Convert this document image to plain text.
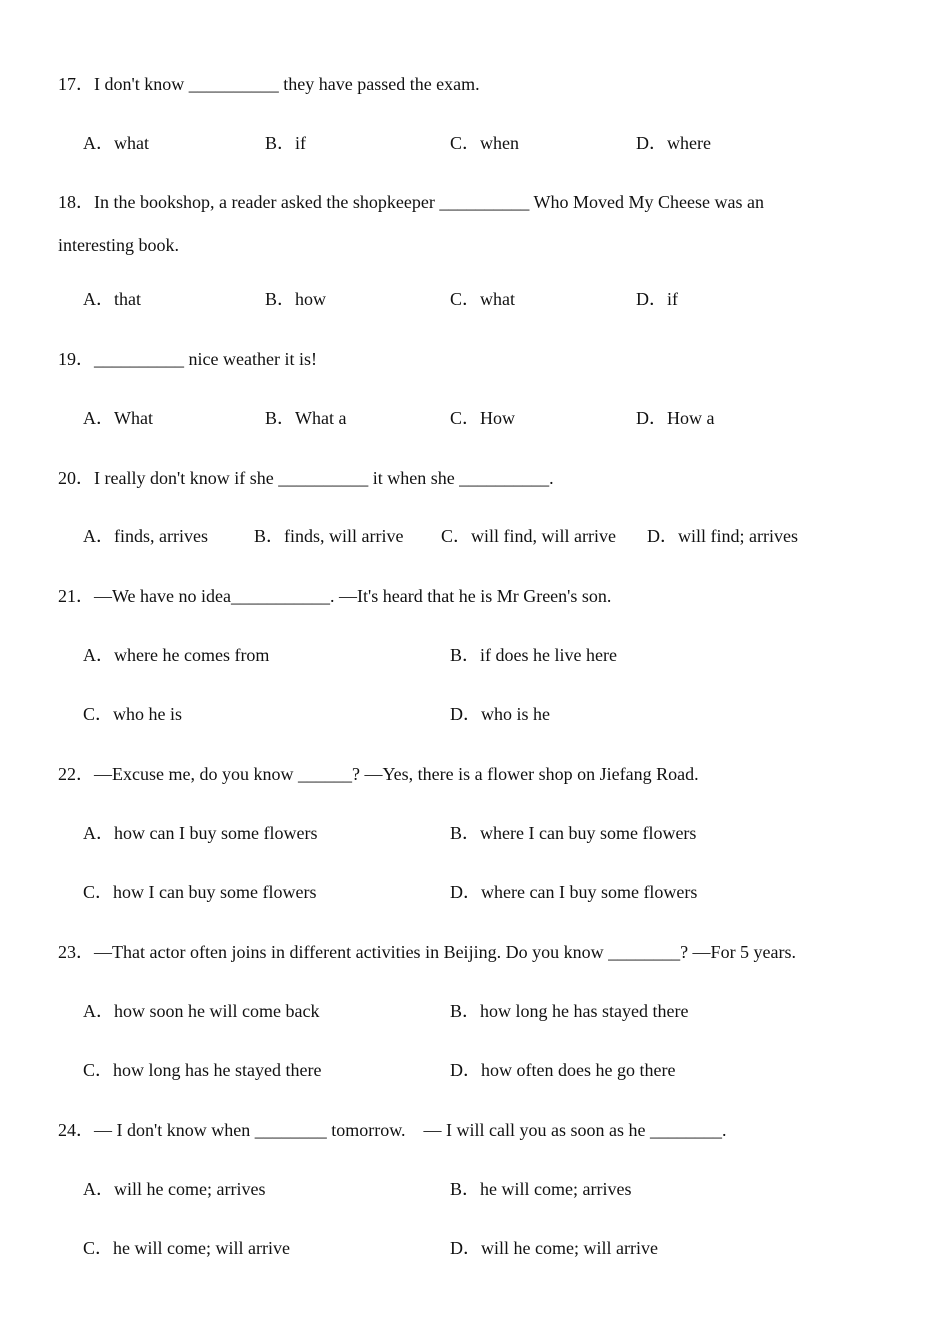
17．I don't know __________ they have passed the exam.
A．what	B．if	C．when	D．where
18．In the bookshop, a reader asked the shopkeeper __________ Who Moved My Cheese was an
interesting book.
A．that	B．how	C．what	D．if
19．__________ nice weather it is!
A．What	B．What a	C．How	D．How a
20．I really don't know if she __________ it when she __________.
A．finds, arrives	B．finds, will arrive C．will find, will arrive D．will find; arrives
21．—We have no idea___________. —It's heard that he is Mr Green's son.
A．where he comes from	B．if does he live here
C．who he is	D．who is he
22．—Excuse me, do you know ______? —Yes, there is a flower shop on Jiefang Road.
A．how can I buy some flowers	B．where I can buy some flowers
C．how I can buy some flowers	D．where can I buy some flowers
23．—That actor often joins in different activities in Beijing. Do you know ________? —For 5 years.
A．how soon he will come back	B．how long he has stayed there
C．how long has he stayed there	D．how often does he go there
24．— I don't know when ________ tomorrow.　— I will call you as soon as he ________.
A．will he come; arrives	B．he will come; arrives
C．he will come; will arrive	D．will he come; will arrive
